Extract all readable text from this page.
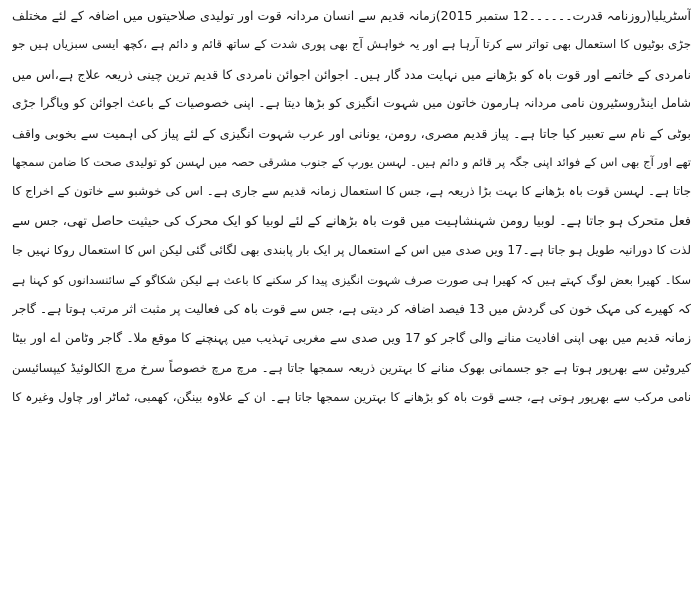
آسٹریلیا(روزنامہ قدرت۔۔۔۔۔۔12 ستمبر 2015)زمانہ قدیم سے انسان مردانہ قوت اور تولیدی صلاحیتوں میں اضافہ کے لئے مختلف
جڑی بوٹیوں کا استعمال بھی تواتر سے کرتا آرہا ہے اور یہ خواہش آج بھی پوری شدت کے ساتھ قائم و دائم ہے ،کچھ ایسی سبزیاں ہیں جو
نامردی کے خاتمے اور قوت باہ کو بڑھانے میں نہایت مدد گار ہیں۔ اجوائن اجوائن نامردی کا قدیم ترین چینی ذریعہ علاج ہے،اس میں
شامل اینڈروسٹیرون نامی مردانہ ہارمون خاتون میں شہوت انگیزی کو بڑھا دیتا ہے۔ اپنی خصوصیات کے باعث اجوائن کو ویاگرا جڑی
بوٹی کے نام سے تعبیر کیا جاتا ہے۔ پیاز قدیم مصری، رومن، یونانی اور عرب شہوت انگیزی کے لئے پیاز کی اہمیت سے بخوبی واقف
تھے اور آج بھی اس کے فوائد اپنی جگہ پر قائم و دائم ہیں۔ لہسن یورپ کے جنوب مشرقی حصہ میں لہسن کو تولیدی صحت کا ضامن سمجھا
جاتا ہے۔ لہسن قوت باہ بڑھانے کا بہت بڑا ذریعہ ہے، جس کا استعمال زمانہ قدیم سے جاری ہے۔ اس کی خوشبو سے خاتون کے اخراج کا
فعل متحرک ہو جاتا ہے۔ لوبیا رومن شہنشاہیت میں قوت باہ بڑھانے کے لئے لوبیا کو ایک محرک کی حیثیت حاصل تھی، جس سے
لذت کا دورانیہ طویل ہو جاتا ہے۔17 ویں صدی میں اس کے استعمال پر ایک بار پابندی بھی لگائی گئی لیکن اس کا استعمال روکا نہیں جا
سکا۔ کھیرا بعض لوگ کہتے ہیں کہ کھیرا ہی صورت صرف شہوت انگیزی پیدا کر سکنے کا باعث ہے لیکن شکاگو کے سائنسدانوں کو کہنا ہے
کہ کھیرے کی مہک خون کی گردش میں 13 فیصد اضافہ کر دیتی ہے، جس سے قوت باہ کی فعالیت پر مثبت اثر مرتب ہوتا ہے۔ گاجر
زمانہ قدیم میں بھی اپنی افادیت منانے والی گاجر کو 17 ویں صدی سے مغربی تہذیب میں پہنچنے کا موقع ملا۔ گاجر وٹامن اے اور بیٹا
کیروٹین سے بھرپور ہوتا ہے جو جسمانی بھوک منانے کا بہترین ذریعہ سمجھا جاتا ہے۔ مرچ مرچ خصوصاً سرخ مرچ الکالوئیڈ کیپسائیسن
نامی مرکب سے بھرپور ہوتی ہے، جسے قوت باہ کو بڑھانے کا بہترین سمجھا جاتا ہے۔ ان کے علاوہ بینگن، کھمبی، ٹماٹر اور چاول وغیرہ کا
